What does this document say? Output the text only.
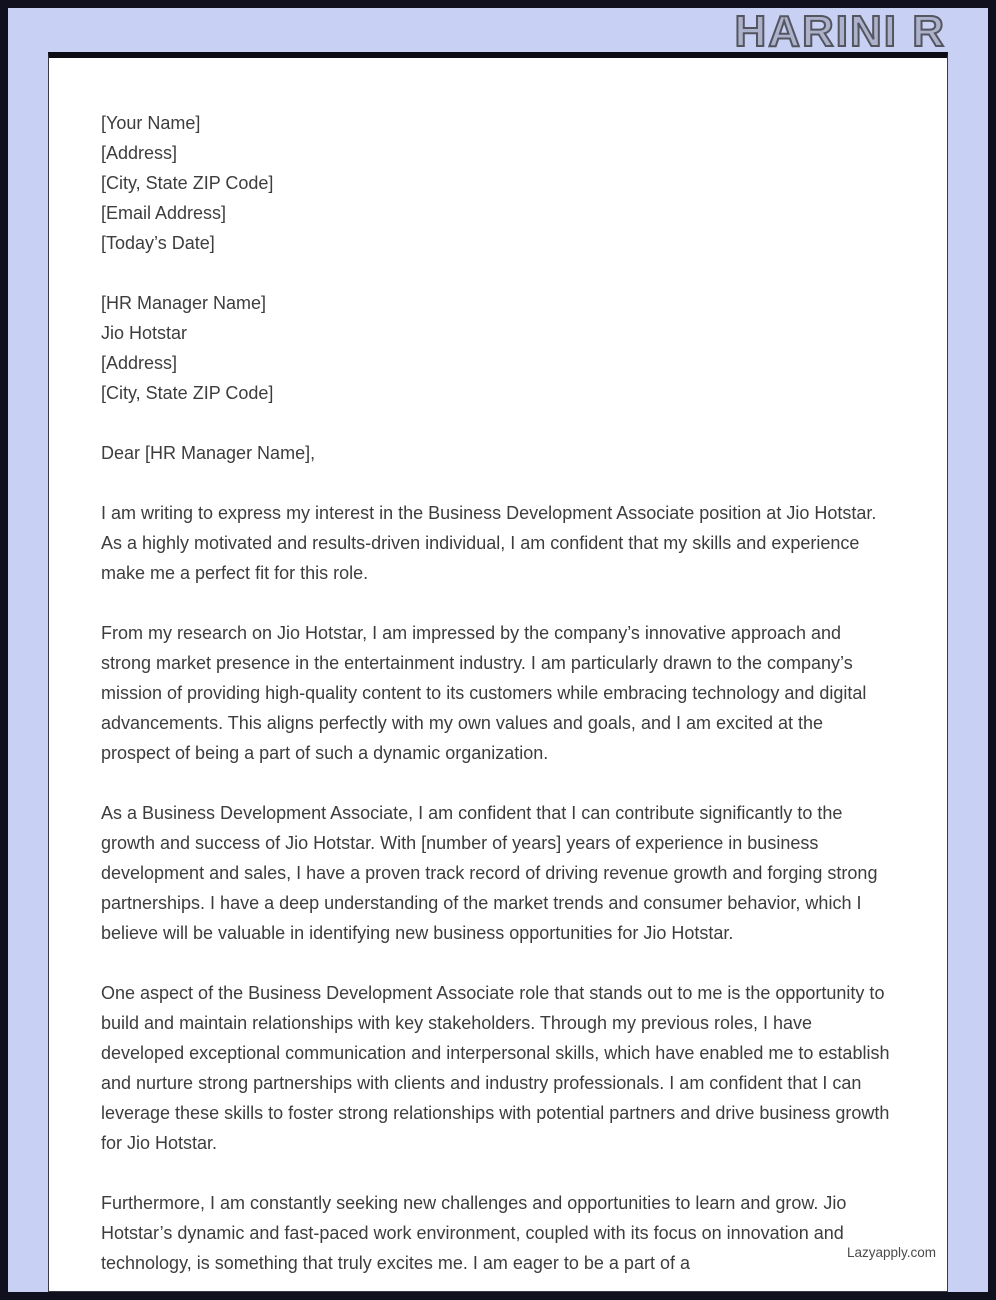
HARINI R

[Your Name]

[Address]

[City, State ZIP Code]

[Email Address]

[Today’s Date]

[HR Manager Name]

Jio Hotstar

[Address]

[City, State ZIP Code]

Dear [HR Manager Name],

I am writing to express my interest in the Business Development Associate position at Jio Hotstar. As a highly motivated and results-driven individual, I am confident that my skills and experience make me a perfect fit for this role.

From my research on Jio Hotstar, I am impressed by the company’s innovative approach and strong market presence in the entertainment industry. I am particularly drawn to the company’s mission of providing high-quality content to its customers while embracing technology and digital advancements. This aligns perfectly with my own values and goals, and I am excited at the prospect of being a part of such a dynamic organization.

As a Business Development Associate, I am confident that I can contribute significantly to the growth and success of Jio Hotstar. With [number of years] years of experience in business development and sales, I have a proven track record of driving revenue growth and forging strong partnerships. I have a deep understanding of the market trends and consumer behavior, which I believe will be valuable in identifying new business opportunities for Jio Hotstar.

One aspect of the Business Development Associate role that stands out to me is the opportunity to build and maintain relationships with key stakeholders. Through my previous roles, I have developed exceptional communication and interpersonal skills, which have enabled me to establish and nurture strong partnerships with clients and industry professionals. I am confident that I can leverage these skills to foster strong relationships with potential partners and drive business growth for Jio Hotstar.

Furthermore, I am constantly seeking new challenges and opportunities to learn and grow. Jio Hotstar’s dynamic and fast-paced work environment, coupled with its focus on innovation and technology, is something that truly excites me. I am eager to be a part of a

Lazyapply.com
